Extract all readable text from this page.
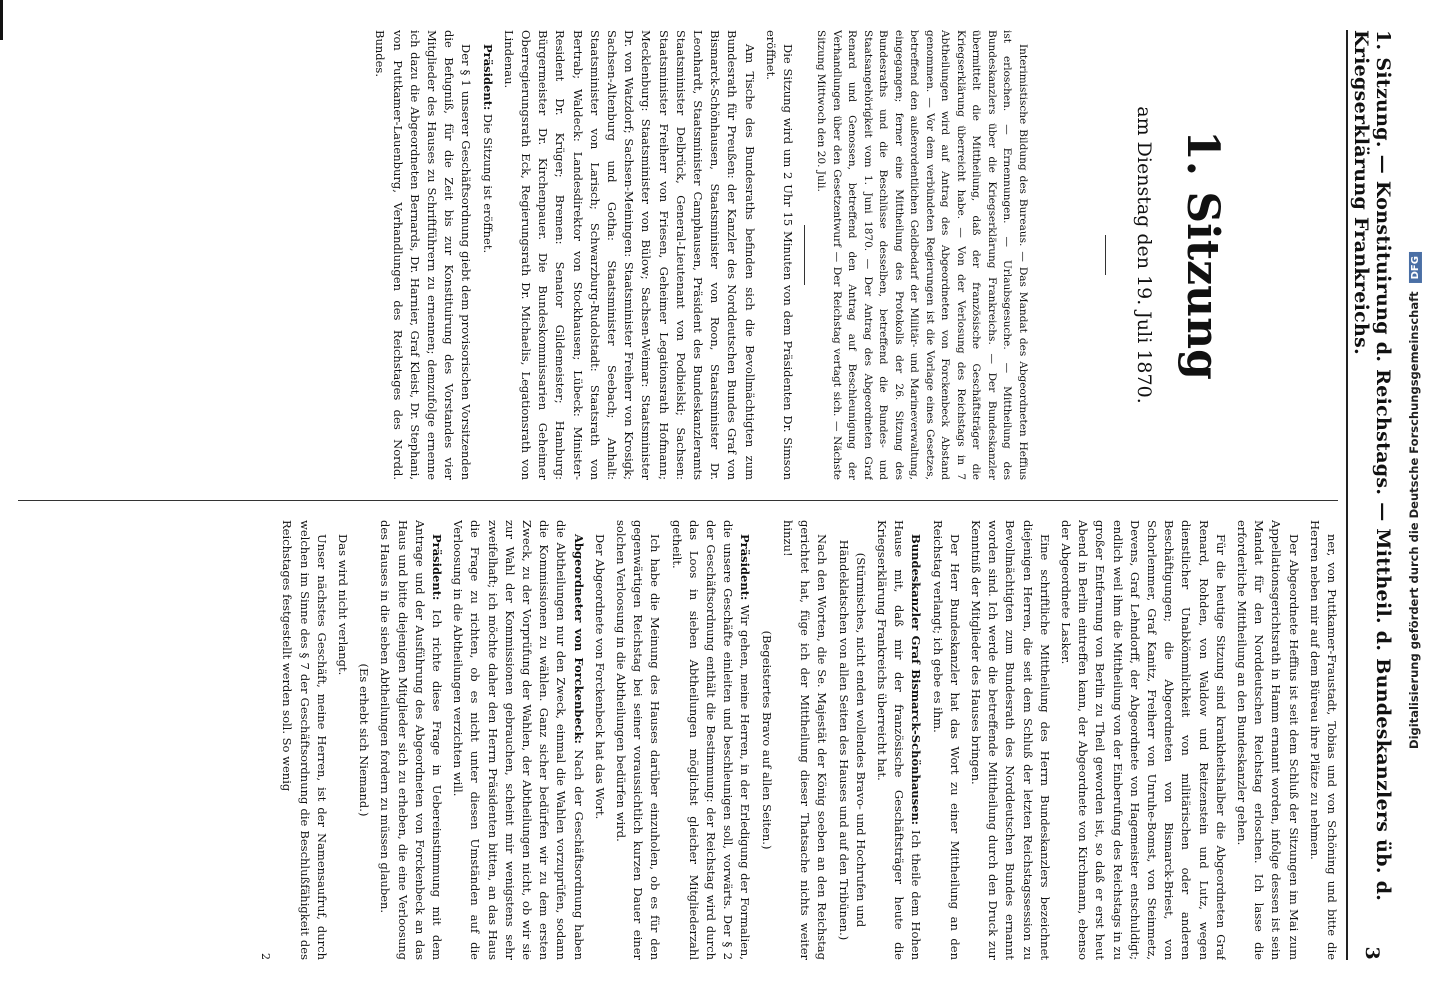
1. Sitzung. — Konstituirung d. Reichstags. — Mittheil. d. Bundeskanzlers üb. d. Kriegserklärung Frankreichs.
3
1. Sitzung
am Dienstag den 19. Juli 1870.

Interimistische Bildung des Bureaus. — Das Mandat des Abgeordneten Heffius ist erloschen. — Ernennungen. — Urlaubsgesuche. — Mittheilung des Bundeskanzlers über die Kriegserklärung Frankreichs. — Der Bundeskanzler übermittelt die Mittheilung, daß der französische Geschäftsträger die Kriegserklärung überreicht habe. — Von der Verlosung des Reichstags in 7 Abtheilungen wird auf Antrag des Abgeordneten von Forckenbeck Abstand genommen. — Vor dem verbündeten Regierungen ist die Vorlage eines Gesetzes, betreffend den außerordentlichen Geldbedarf der Militär- und Marineverwaltung, eingegangen; ferner eine Mittheilung des Protokolls der 26. Sitzung des Bundesraths und die Beschlüsse desselben, betreffend die Bundes- und Staatsangehörigkeit vom 1. Juni 1870. — Der Antrag des Abgeordneten Graf Renard und Genossen, betreffend den Antrag auf Beschleunigung der Verhandlungen über den Gesetzentwurf — Der Reichstag vertagt sich. — Nächste Sitzung Mittwoch den 20. Juli.

Die Sitzung wird um 2 Uhr 15 Minuten von dem Präsidenten Dr. Simson eröffnet.

Am Tische des Bundesraths befinden sich die Bevollmächtigten zum Bundesrath für Preußen: der Kanzler des Norddeutschen Bundes Graf von Bismarck-Schönhausen, Staatsminister von Roon, Staatsminister Dr. Leonhardt, Staatsminister Camphausen, Präsident des Bundeskanzleramts Staatsminister Delbrück, General-Lieutenant von Podbielski; Sachsen: Staatsminister Freiherr von Friesen, Geheimer Legationsrath Hofmann; Mecklenburg: Staatsminister von Bülow; Sachsen-Weimar: Staatsminister Dr. von Watzdorf; Sachsen-Meiningen: Staatsminister Freiherr von Krosigk; Sachsen-Altenburg und Gotha: Staatsminister Seebach; Anhalt: Staatsminister von Larisch; Schwarzburg-Rudolstadt: Staatsrath von Bertrab; Waldeck: Landesdirektor von Stockhausen; Lübeck: Minister-Resident Dr. Krüger; Bremen: Senator Gildemeister; Hamburg: Bürgermeister Dr. Kirchenpauer. Die Bundeskommissarien Geheimer Oberregierungsrath Eck, Regierungsrath Dr. Michaelis, Legationsrath von Lindenau.

Präsident: Die Sitzung ist eröffnet.

Der § 1 unserer Geschäftsordnung giebt dem provisorischen Vorsitzenden die Befugniß, für die Zeit bis zur Konstituirung des Vorstandes vier Mitglieder des Hauses zu Schriftführern zu ernennen; demzufolge ernenne ich dazu die Abgeordneten Bernards, Dr. Harnier, Graf Kleist, Dr. Stephani, von Puttkamer-Lauenburg, Verhandlungen des Reichstages des Nordd. Bundes.

ner, von Puttkamer-Fraustadt, Tobias und von Schöning und bitte die Herren neben mir auf dem Büreau ihre Plätze zu nehmen.

Der Abgeordnete Heffius ist seit dem Schluß der Sitzungen im Mai zum Appellationsgerichtsrath in Hamm ernannt worden, infolge dessen ist sein Mandat für den Norddeutschen Reichstag erloschen. Ich lasse die erforderliche Mittheilung an den Bundeskanzler gehen.

Für die heutige Sitzung sind krankheitshalber die Abgeordneten Graf Renard, Rohden, von Waldow und Reitzenstein und Lutz, wegen dienstlicher Unabkömmlichkeit von militärischen oder anderen Beschäftigungen; die Abgeordneten von Bismarck-Briest, von Schorlemmer, Graf Kanitz, Freiherr von Unruhe-Bomst, von Steinmetz, Devens, Graf Lehndorff, der Abgeordnete von Hagemeister entschuldigt; endlich weil ihm die Mittheilung von der Einberufung des Reichstags in zu großer Entfernung von Berlin zu Theil geworden ist, so daß er erst heut Abend in Berlin eintreffen kann, der Abgeordnete von Kirchmann, ebenso der Abgeordnete Lasker.

Eine schriftliche Mittheilung des Herrn Bundeskanzlers bezeichnet diejenigen Herren, die seit dem Schluß der letzten Reichstagssession zu Bevollmächtigten zum Bundesrath des Norddeutschen Bundes ernannt worden sind. Ich werde die betreffende Mittheilung durch den Druck zur Kenntniß der Mitglieder des Hauses bringen.

Der Herr Bundeskanzler hat das Wort zu einer Mittheilung an den Reichstag verlangt; ich gebe es ihm.

Bundeskanzler Graf Bismarck-Schönhausen: Ich theile dem Hohen Hause mit, daß mir der französische Geschäftsträger heute die Kriegserklärung Frankreichs überreicht hat.

(Stürmisches, nicht enden wollendes Bravo- und Hochrufen und Händeklatschen von allen Seiten des Hauses und auf den Tribünen.)

Nach den Worten, die Se. Majestät der König soeben an den Reichstag gerichtet hat, füge ich der Mittheilung dieser Thatsache nichts weiter hinzu!

(Begeistertes Bravo auf allen Seiten.)

Präsident: Wir gehen, meine Herren, in der Erledigung der Formalien, die unsere Geschäfte einleiten und beschleunigen soll, vorwärts. Der § 2 der Geschäftsordnung enthält die Bestimmung: der Reichstag wird durch das Loos in sieben Abtheilungen möglichst gleicher Mitgliederzahl getheilt.

Ich habe die Meinung des Hauses darüber einzuholen, ob es für den gegenwärtigen Reichstag bei seiner voraussichtlich kurzen Dauer einer solchen Verloosung in die Abtheilungen bedürfen wird.

Der Abgeordnete von Forckenbeck hat das Wort.

Abgeordneter von Forckenbeck: Nach der Geschäftsordnung haben die Abtheilungen nur den Zweck, einmal die Wahlen vorzuprüfen, sodann die Kommissionen zu wählen. Ganz sicher bedürfen wir zu dem ersten Zweck, zu der Vorprüfung der Wahlen, der Abtheilungen nicht, ob wir sie zur Wahl der Kommissionen gebrauchen, scheint mir wenigstens sehr zweifelhaft; ich möchte daher den Herrn Präsidenten bitten, an das Haus die Frage zu richten, ob es nicht unter diesen Umständen auf die Verloosung in die Abtheilungen verzichten will.

Präsident: Ich richte diese Frage in Uebereinstimmung mit dem Antrage und der Ausführung des Abgeordneten von Forckenbeck an das Haus und bitte diejenigen Mitglieder sich zu erheben, die eine Verloosung des Hauses in die sieben Abtheilungen fordern zu müssen glauben.

(Es erhebt sich Niemand.)

Das wird nicht verlangt.

Unser nächstes Geschäft, meine Herren, ist der Namensaufruf, durch welchen im Sinne des § 7 der Geschäftsordnung die Beschlußfähigkeit des Reichstages festgestellt werden soll. So wenig

2

Digitalisierung gefördert durch die Deutsche Forschungsgemeinschaft DFG
